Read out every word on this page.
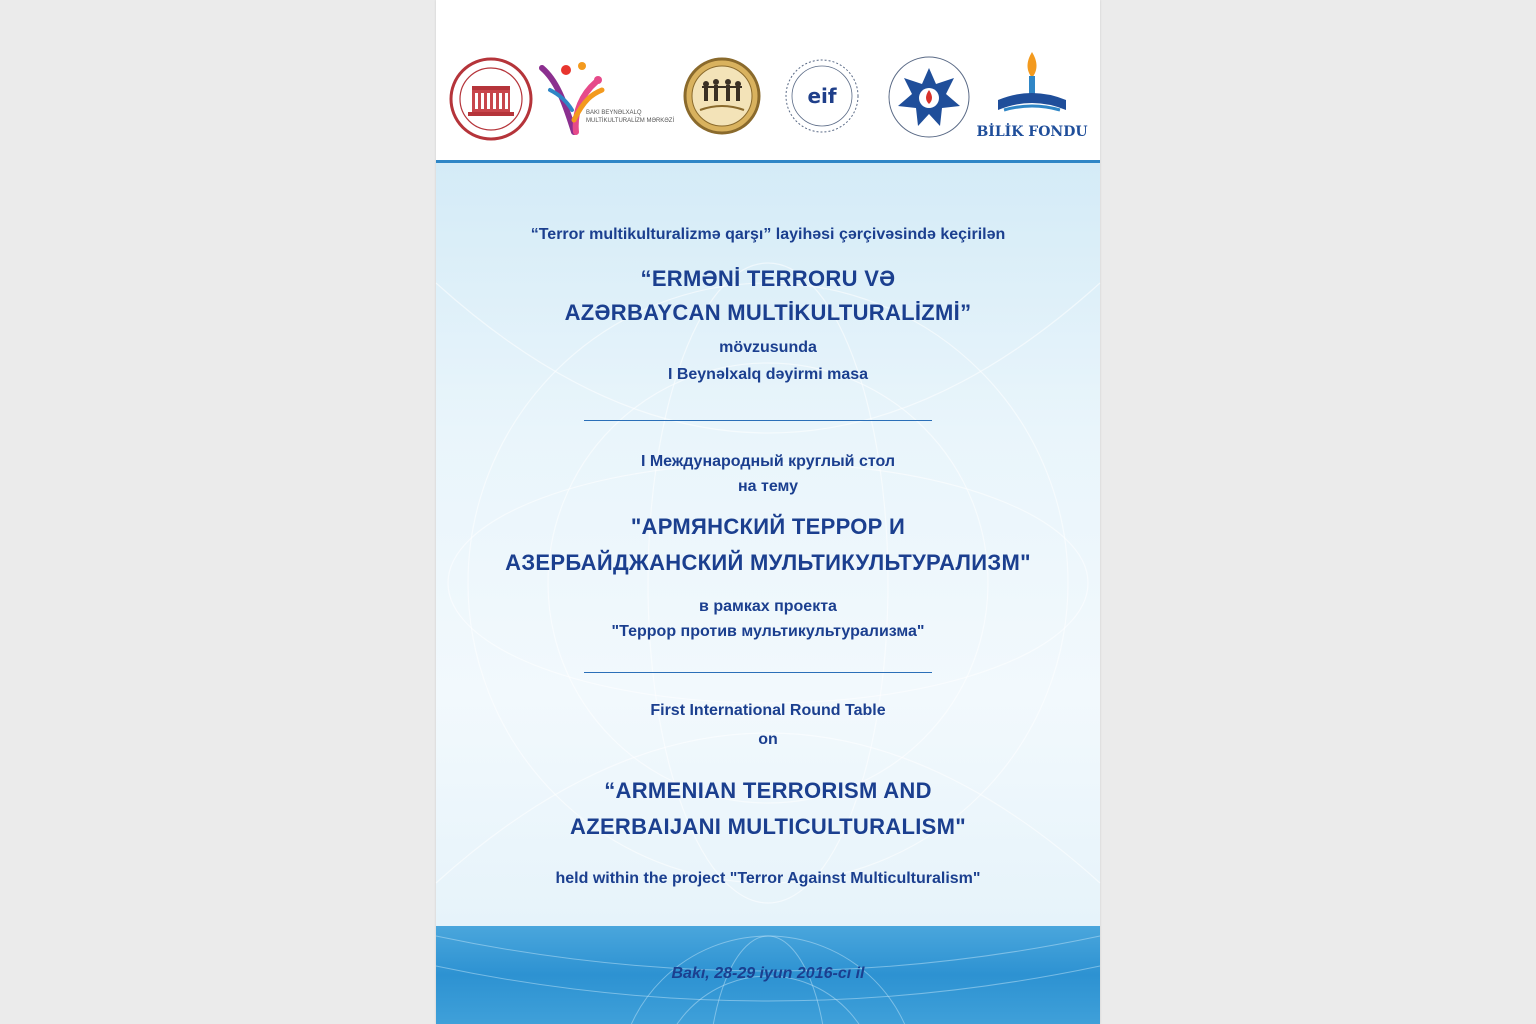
BAKI BEYNƏLXALQ
MULTİKULTURALİZM MƏRKƏZİ
eif
BİLİK FONDU
“Terror multikulturalizmə qarşı” layihəsi çərçivəsində keçirilən
“ERMƏNİ TERRORU VƏ
AZƏRBAYCAN MULTİKULTURALİZMİ”
mövzusunda
I Beynəlxalq dəyirmi masa
I Международный круглый стол
на тему
"АРМЯНСКИЙ ТЕРРОР И
АЗЕРБАЙДЖАНСКИЙ МУЛЬТИКУЛЬТУРАЛИЗМ"
в рамках проекта
"Террор против мультикультурализма"
First International Round Table
on
“ARMENIAN TERRORISM AND
AZERBAIJANI MULTICULTURALISM"
held within the project "Terror Against Multiculturalism"
Bakı, 28-29 iyun 2016-cı il
